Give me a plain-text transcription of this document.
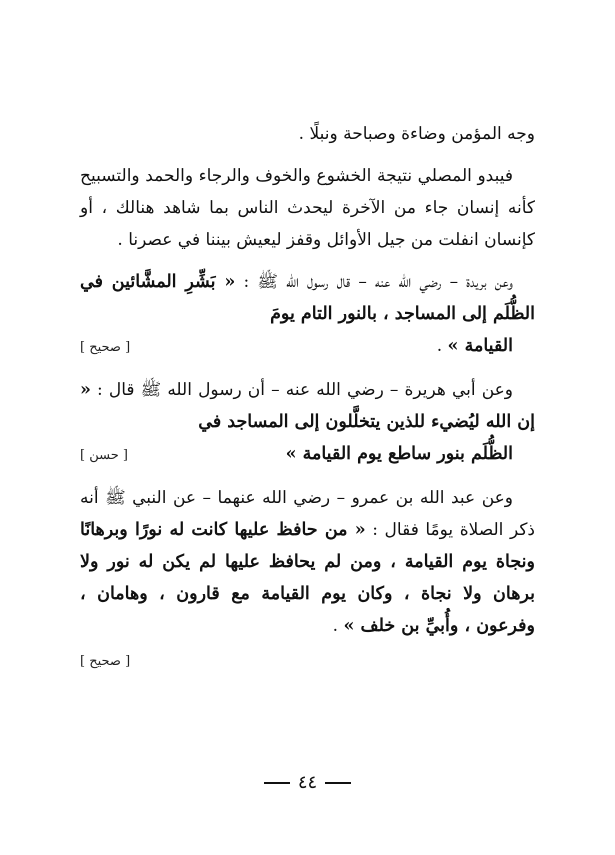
وجه المؤمن وضاءة وصباحة ونبلًا .

فيبدو المصلي نتيجة الخشوع والخوف والرجاء والحمد والتسبيح كأنه إنسان جاء من الآخرة ليحدث الناس بما شاهد هنالك ، أو كإنسان انفلت من جيل الأوائل وقفز ليعيش بيننا في عصرنا .

وعن بريدة – رضي الله عنه – قال رسول الله ﷺ : « بَشِّرِ المشَّائين في الظُّلَم إلى المساجد ، بالنور التام يومَ
القيامة » .
[ صحيح ]
وعن أبي هريرة – رضي الله عنه – أن رسول الله ﷺ قال : « إن الله ليُضيء للذين يتخلَّلون إلى المساجد في
الظُّلَم بنور ساطع يوم القيامة »
[ حسن ]
وعن عبد الله بن عمرو – رضي الله عنهما – عن النبي ﷺ أنه ذكر الصلاة يومًا فقال : « من حافظ عليها كانت له نورًا وبرهانًا ونجاة يوم القيامة ، ومن لم يحافظ عليها لم يكن له نور ولا برهان ولا نجاة ، وكان يوم القيامة مع قارون ، وهامان ، وفرعون ، وأُبيِّ بن خلف » .
[ صحيح ]
٤٤
